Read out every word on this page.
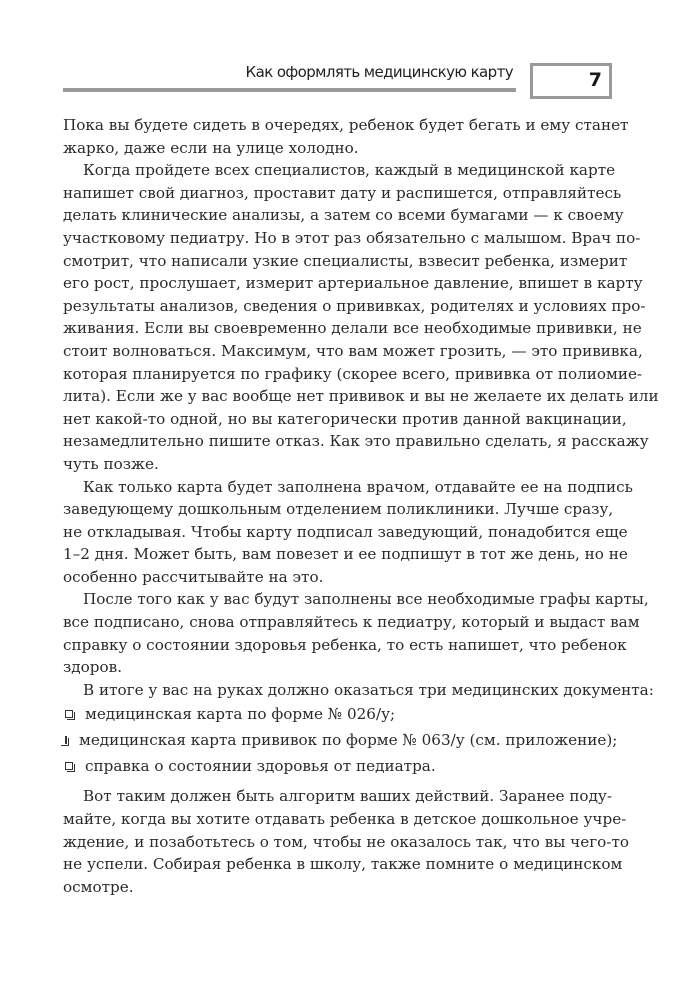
Как оформлять медицинскую карту	7
Пока вы будете сидеть в очередях, ребенок будет бегать и ему станет
жарко, даже если на улице холодно.
Когда пройдете всех специалистов, каждый в медицинской карте
напишет свой диагноз, проставит дату и распишется, отправляйтесь
делать клинические анализы, а затем со всеми бумагами — к своему
участковому педиатру. Но в этот раз обязательно с малышом. Врач по-
смотрит, что написали узкие специалисты, взвесит ребенка, измерит
его рост, прослушает, измерит артериальное давление, впишет в карту
результаты анализов, сведения о прививках, родителях и условиях про-
живания. Если вы своевременно делали все необходимые прививки, не
стоит волноваться. Максимум, что вам может грозить, — это прививка,
которая планируется по графику (скорее всего, прививка от полиомие-
лита). Если же у вас вообще нет прививок и вы не желаете их делать или
нет какой-то одной, но вы категорически против данной вакцинации,
незамедлительно пишите отказ. Как это правильно сделать, я расскажу
чуть позже.
Как только карта будет заполнена врачом, отдавайте ее на подпись
заведующему дошкольным отделением поликлиники. Лучше сразу,
не откладывая. Чтобы карту подписал заведующий, понадобится еще
1–2 дня. Может быть, вам повезет и ее подпишут в тот же день, но не
особенно рассчитывайте на это.
После того как у вас будут заполнены все необходимые графы карты,
все подписано, снова отправляйтесь к педиатру, который и выдаст вам
справку о состоянии здоровья ребенка, то есть напишет, что ребенок
здоров.
В итоге у вас на руках должно оказаться три медицинских документа:
медицинская карта по форме № 026/у;
медицинская карта прививок по форме № 063/у (см. приложение);
справка о состоянии здоровья от педиатра.
Вот таким должен быть алгоритм ваших действий. Заранее поду-
майте, когда вы хотите отдавать ребенка в детское дошкольное учре-
ждение, и позаботьтесь о том, чтобы не оказалось так, что вы чего-то
не успели. Собирая ребенка в школу, также помните о медицинском
осмотре.
